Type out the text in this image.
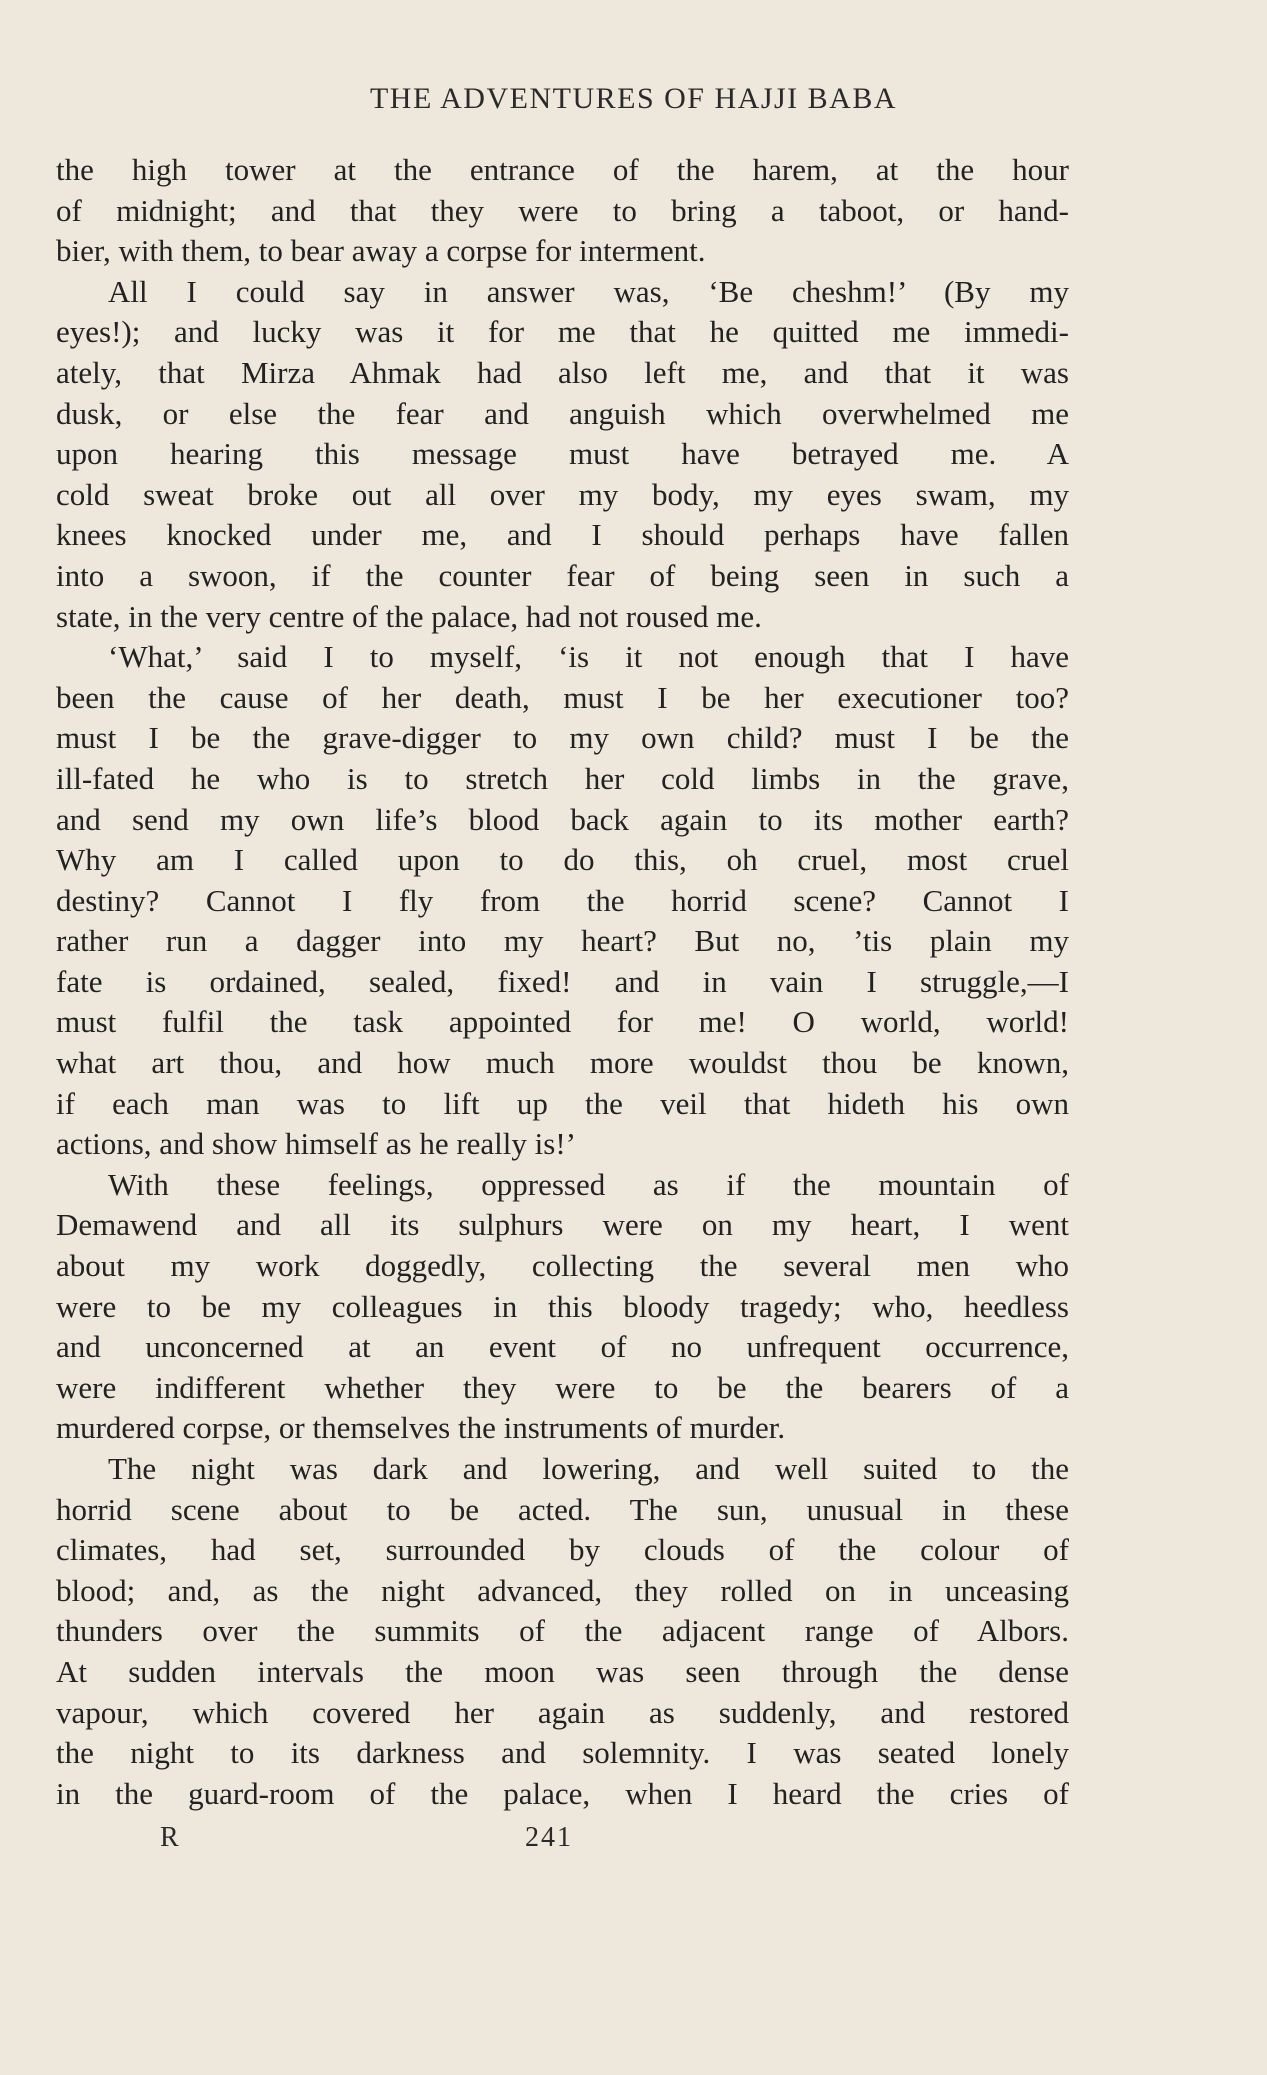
THE ADVENTURES OF HAJJI BABA
the high tower at the entrance of the harem, at the hour
of midnight; and that they were to bring a taboot, or hand-
bier, with them, to bear away a corpse for interment.
All I could say in answer was, ‘Be cheshm!’ (By my
eyes!); and lucky was it for me that he quitted me immedi-
ately, that Mirza Ahmak had also left me, and that it was
dusk, or else the fear and anguish which overwhelmed me
upon hearing this message must have betrayed me. A
cold sweat broke out all over my body, my eyes swam, my
knees knocked under me, and I should perhaps have fallen
into a swoon, if the counter fear of being seen in such a
state, in the very centre of the palace, had not roused me.
‘What,’ said I to myself, ‘is it not enough that I have
been the cause of her death, must I be her executioner too?
must I be the grave-digger to my own child? must I be the
ill-fated he who is to stretch her cold limbs in the grave,
and send my own life’s blood back again to its mother earth?
Why am I called upon to do this, oh cruel, most cruel
destiny? Cannot I fly from the horrid scene? Cannot I
rather run a dagger into my heart? But no, ’tis plain my
fate is ordained, sealed, fixed! and in vain I struggle,—I
must fulfil the task appointed for me! O world, world!
what art thou, and how much more wouldst thou be known,
if each man was to lift up the veil that hideth his own
actions, and show himself as he really is!’
With these feelings, oppressed as if the mountain of
Demawend and all its sulphurs were on my heart, I went
about my work doggedly, collecting the several men who
were to be my colleagues in this bloody tragedy; who, heedless
and unconcerned at an event of no unfrequent occurrence,
were indifferent whether they were to be the bearers of a
murdered corpse, or themselves the instruments of murder.
The night was dark and lowering, and well suited to the
horrid scene about to be acted. The sun, unusual in these
climates, had set, surrounded by clouds of the colour of
blood; and, as the night advanced, they rolled on in unceasing
thunders over the summits of the adjacent range of Albors.
At sudden intervals the moon was seen through the dense
vapour, which covered her again as suddenly, and restored
the night to its darkness and solemnity. I was seated lonely
in the guard-room of the palace, when I heard the cries of
R	241
